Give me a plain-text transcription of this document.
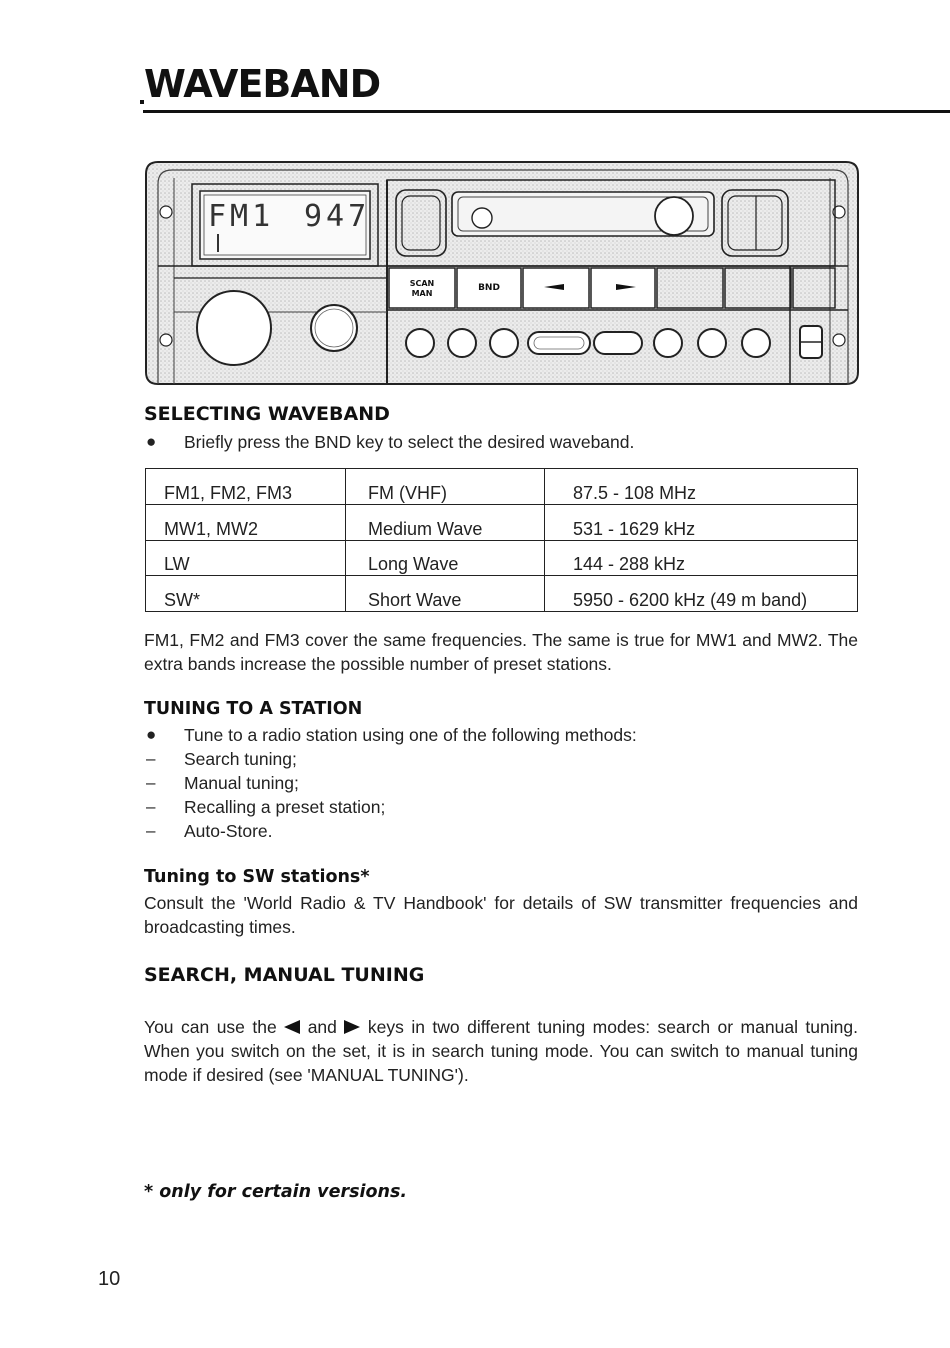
WAVEBAND
FM1 947
SCAN
MAN
BND
SELECTING WAVEBAND
●	Briefly press the BND key to select the desired waveband.
FM1, FM2, FM3	FM (VHF)	87.5 - 108 MHz
MW1, MW2	Medium Wave	531 - 1629 kHz
LW	Long Wave	144 - 288 kHz
SW*	Short Wave	5950 - 6200 kHz (49 m band)

FM1, FM2 and FM3 cover the same frequencies. The same is true for MW1 and MW2. The extra bands increase the possible number of preset stations.

TUNING TO A STATION
●	Tune to a radio station using one of the following methods:
–	Search tuning;
–	Manual tuning;
–	Recalling a preset station;
–	Auto-Store.
Tuning to SW stations*

Consult the 'World Radio & TV Handbook' for details of SW transmitter frequencies and broadcasting times.

SEARCH, MANUAL TUNING

You can use the and keys in two different tuning modes: search or manual tuning. When you switch on the set, it is in search tuning mode. You can switch to manual tuning mode if desired (see 'MANUAL TUNING').

* only for certain versions.

10
